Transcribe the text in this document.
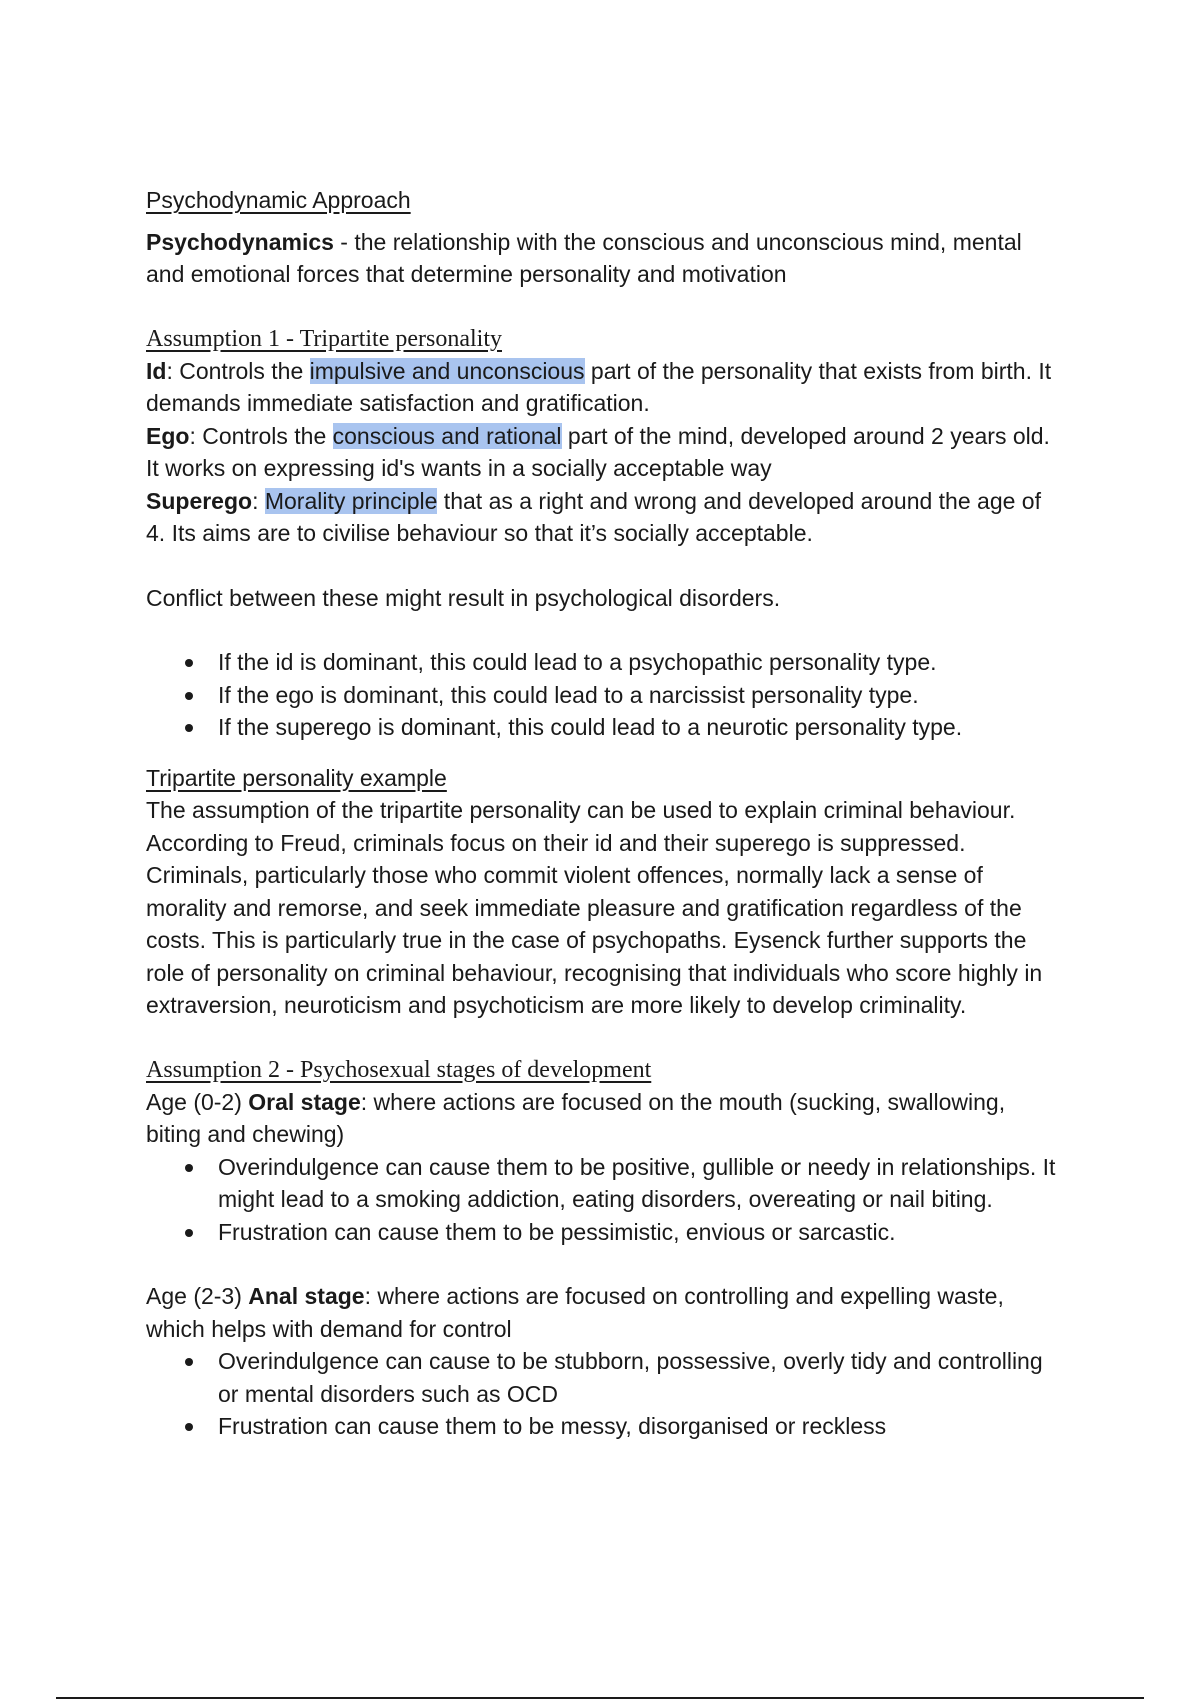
Psychodynamic Approach

Psychodynamics - the relationship with the conscious and unconscious mind, mental and emotional forces that determine personality and motivation

Assumption 1 - Tripartite personality

Id: Controls the impulsive and unconscious part of the personality that exists from birth. It demands immediate satisfaction and gratification.

Ego: Controls the conscious and rational part of the mind, developed around 2 years old. It works on expressing id's wants in a socially acceptable way

Superego: Morality principle that as a right and wrong and developed around the age of 4. Its aims are to civilise behaviour so that it’s socially acceptable.

Conflict between these might result in psychological disorders.

If the id is dominant, this could lead to a psychopathic personality type.
If the ego is dominant, this could lead to a narcissist personality type.
If the superego is dominant, this could lead to a neurotic personality type.

Tripartite personality example

The assumption of the tripartite personality can be used to explain criminal behaviour. According to Freud, criminals focus on their id and their superego is suppressed. Criminals, particularly those who commit violent offences, normally lack a sense of morality and remorse, and seek immediate pleasure and gratification regardless of the costs. This is particularly true in the case of psychopaths. Eysenck further supports the role of personality on criminal behaviour, recognising that individuals who score highly in extraversion, neuroticism and psychoticism are more likely to develop criminality.

Assumption 2 - Psychosexual stages of development

Age (0-2) Oral stage: where actions are focused on the mouth (sucking, swallowing, biting and chewing)

Overindulgence can cause them to be positive, gullible or needy in relationships. It might lead to a smoking addiction, eating disorders, overeating or nail biting.
Frustration can cause them to be pessimistic, envious or sarcastic.

Age (2-3) Anal stage: where actions are focused on controlling and expelling waste, which helps with demand for control

Overindulgence can cause to be stubborn, possessive, overly tidy and controlling or mental disorders such as OCD
Frustration can cause them to be messy, disorganised or reckless
